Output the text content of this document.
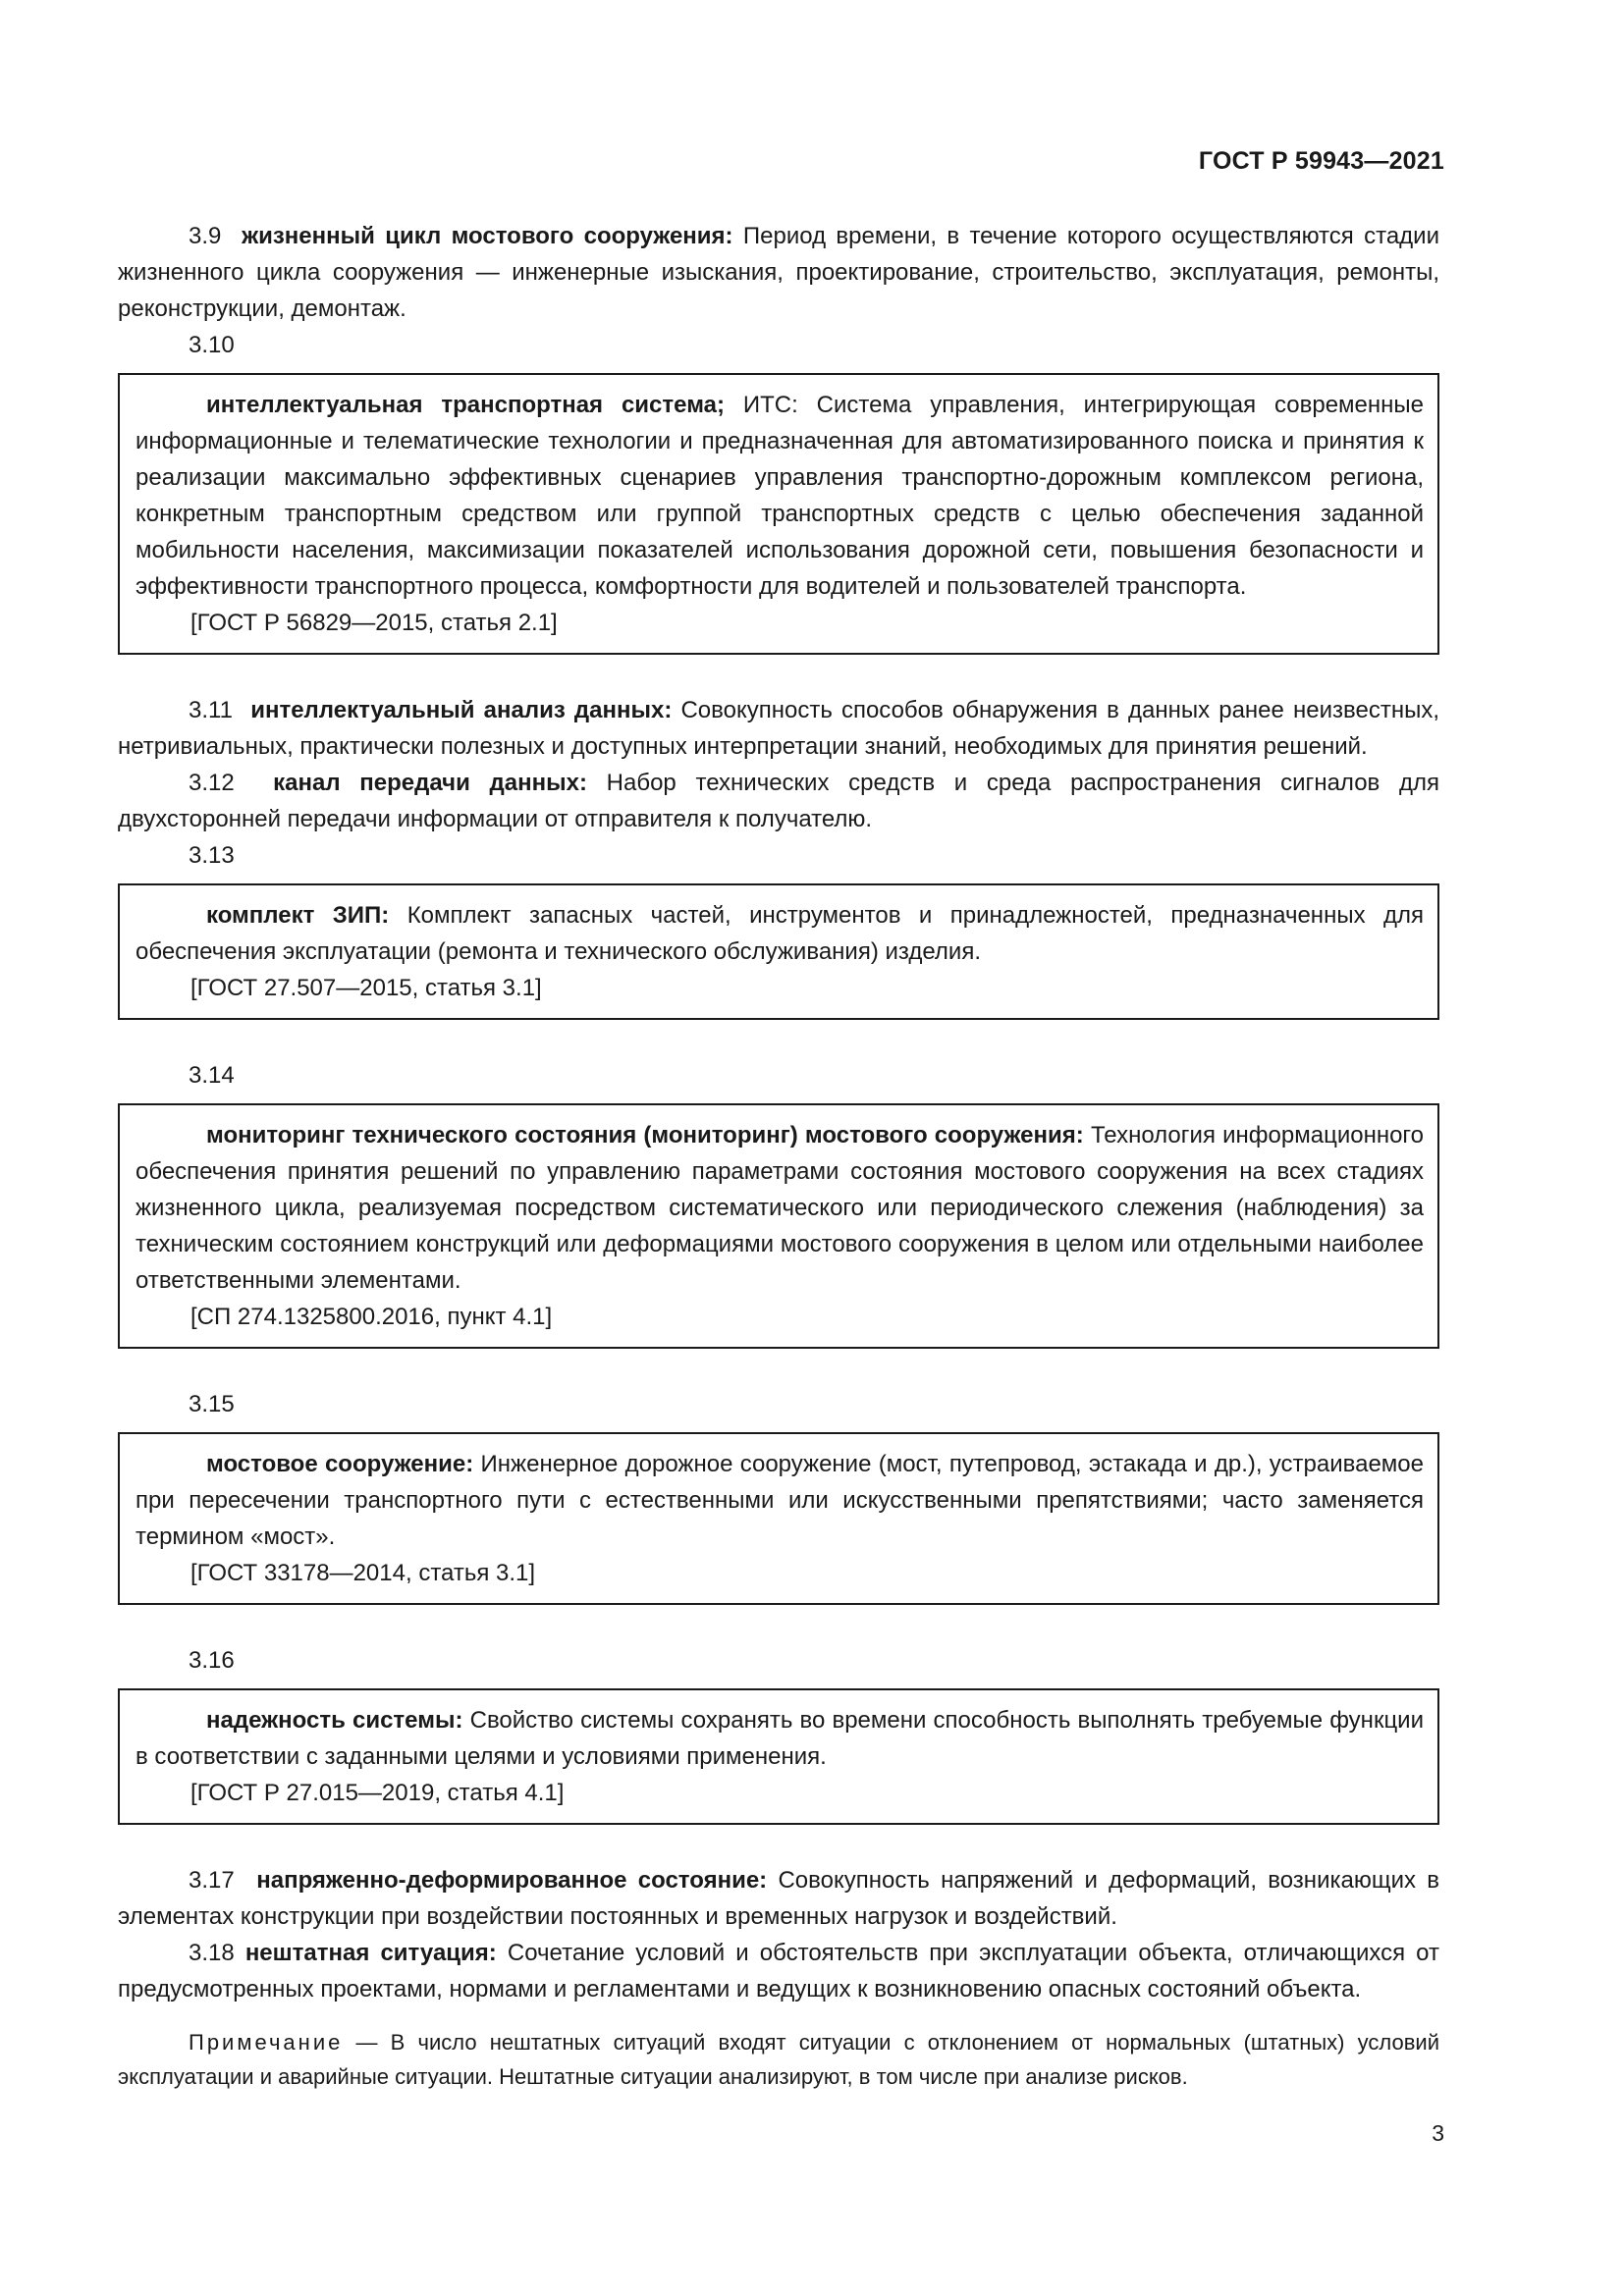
ГОСТ Р 59943—2021

3.9 жизненный цикл мостового сооружения: Период времени, в течение которого осуществляются стадии жизненного цикла сооружения — инженерные изыскания, проектирование, строительство, эксплуатация, ремонты, реконструкции, демонтаж.

3.10

интеллектуальная транспортная система; ИТС: Система управления, интегрирующая современные информационные и телематические технологии и предназначенная для автоматизированного поиска и принятия к реализации максимально эффективных сценариев управления транспортно-дорожным комплексом региона, конкретным транспортным средством или группой транспортных средств с целью обеспечения заданной мобильности населения, максимизации показателей использования дорожной сети, повышения безопасности и эффективности транспортного процесса, комфортности для водителей и пользователей транспорта.

[ГОСТ Р 56829—2015, статья 2.1]

3.11 интеллектуальный анализ данных: Совокупность способов обнаружения в данных ранее неизвестных, нетривиальных, практически полезных и доступных интерпретации знаний, необходимых для принятия решений.

3.12 канал передачи данных: Набор технических средств и среда распространения сигналов для двухсторонней передачи информации от отправителя к получателю.

3.13

комплект ЗИП: Комплект запасных частей, инструментов и принадлежностей, предназначенных для обеспечения эксплуатации (ремонта и технического обслуживания) изделия.

[ГОСТ 27.507—2015, статья 3.1]

3.14

мониторинг технического состояния (мониторинг) мостового сооружения: Технология информационного обеспечения принятия решений по управлению параметрами состояния мостового сооружения на всех стадиях жизненного цикла, реализуемая посредством систематического или периодического слежения (наблюдения) за техническим состоянием конструкций или деформациями мостового сооружения в целом или отдельными наиболее ответственными элементами.

[СП 274.1325800.2016, пункт 4.1]

3.15

мостовое сооружение: Инженерное дорожное сооружение (мост, путепровод, эстакада и др.), устраиваемое при пересечении транспортного пути с естественными или искусственными препятствиями; часто заменяется термином «мост».

[ГОСТ 33178—2014, статья 3.1]

3.16

надежность системы: Свойство системы сохранять во времени способность выполнять требуемые функции в соответствии с заданными целями и условиями применения.

[ГОСТ Р 27.015—2019, статья 4.1]

3.17 напряженно-деформированное состояние: Совокупность напряжений и деформаций, возникающих в элементах конструкции при воздействии постоянных и временных нагрузок и воздействий.

3.18 нештатная ситуация: Сочетание условий и обстоятельств при эксплуатации объекта, отличающихся от предусмотренных проектами, нормами и регламентами и ведущих к возникновению опасных состояний объекта.

Примечание — В число нештатных ситуаций входят ситуации с отклонением от нормальных (штатных) условий эксплуатации и аварийные ситуации. Нештатные ситуации анализируют, в том числе при анализе рисков.

3
